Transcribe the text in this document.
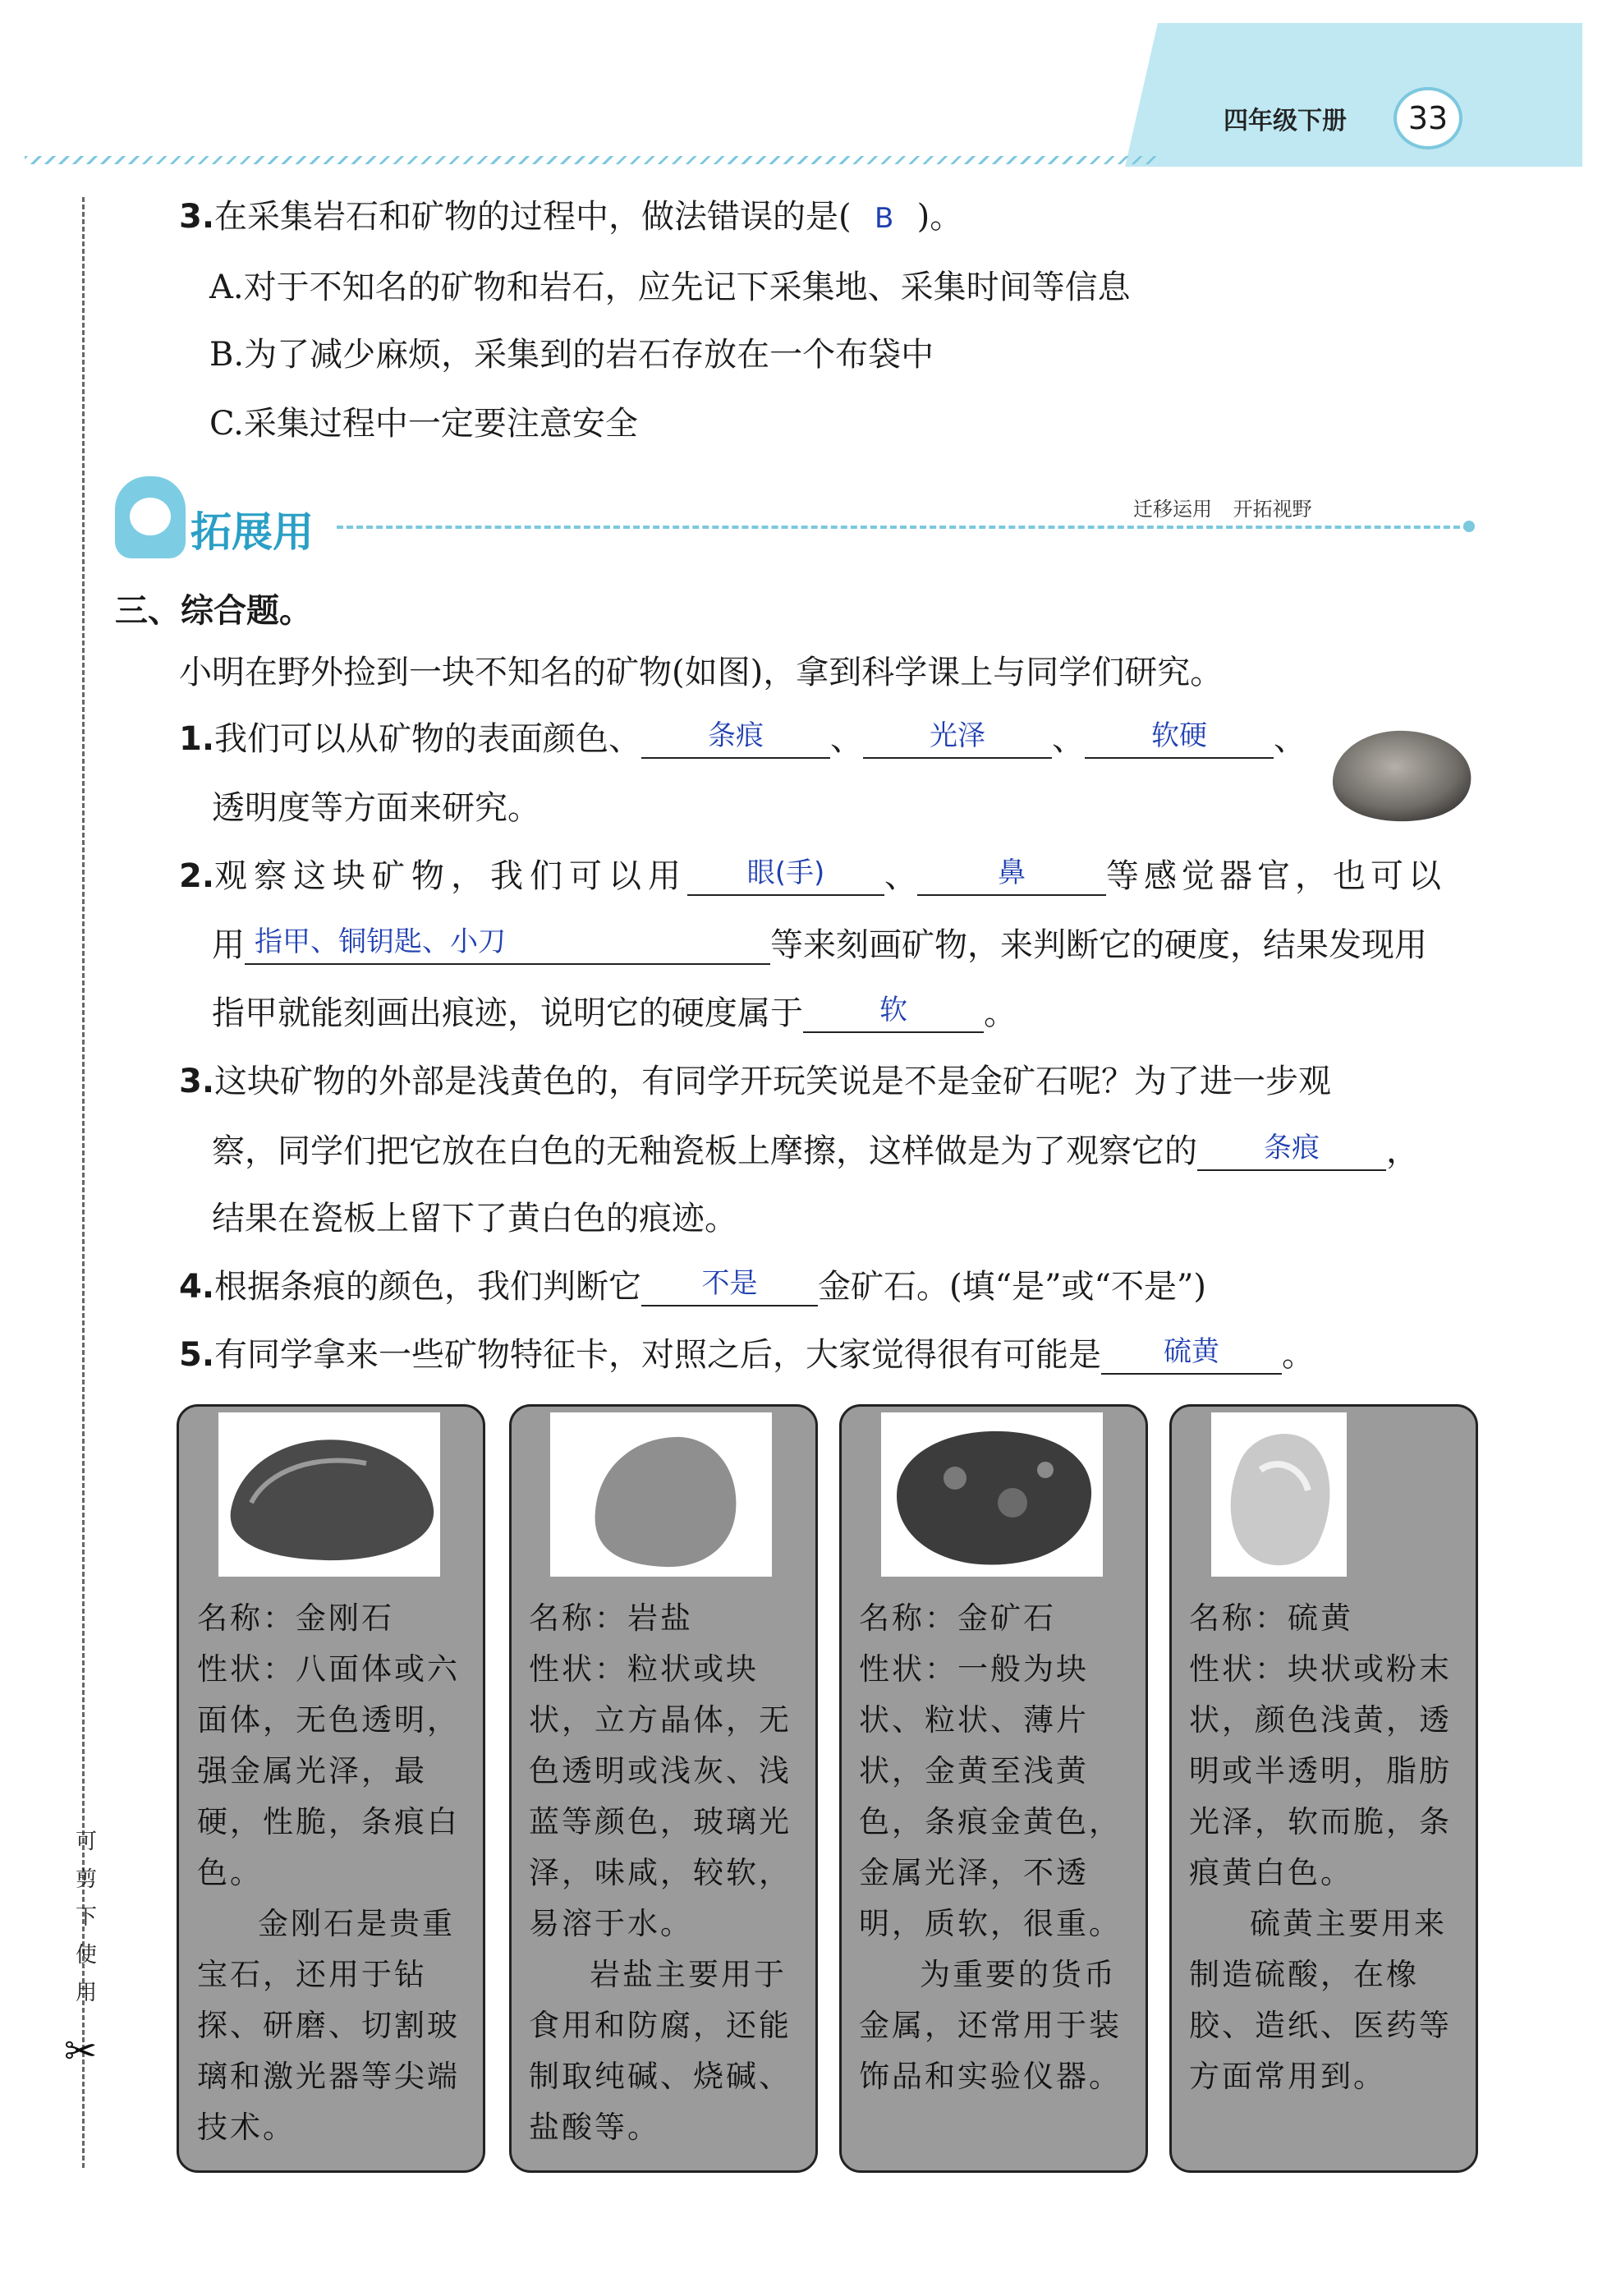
四年级下册	33
可剪下使用
✂
3.在采集岩石和矿物的过程中，做法错误的是( B )。
A.对于不知名的矿物和岩石，应先记下采集地、采集时间等信息
B.为了减少麻烦，采集到的岩石存放在一个布袋中
C.采集过程中一定要注意安全
拓展用	迁移运用 开拓视野
三、综合题。
小明在野外捡到一块不知名的矿物(如图)，拿到科学课上与同学们研究。
1.我们可以从矿物的表面颜色、	条痕	、	光泽	、	软硬	、
透明度等方面来研究。
2.观察这块矿物，我们可以用	眼(手)	、	鼻	等感觉器官，也可以
用 指甲、铜钥匙、小刀	等来刻画矿物，来判断它的硬度，结果发现用
指甲就能刻画出痕迹，说明它的硬度属于	软	。
3.这块矿物的外部是浅黄色的，有同学开玩笑说是不是金矿石呢？为了进一步观
察，同学们把它放在白色的无釉瓷板上摩擦，这样做是为了观察它的	条痕	，
结果在瓷板上留下了黄白色的痕迹。
4.根据条痕的颜色，我们判断它	不是	金矿石。(填“是”或“不是”)
5.有同学拿来一些矿物特征卡，对照之后，大家觉得很有可能是	硫黄	。

名称：金刚石

性状：八面体或六面体，无色透明，强金属光泽，最硬，性脆，条痕白色。

金刚石是贵重宝石，还用于钻探、研磨、切割玻璃和激光器等尖端技术。

名称：岩盐

性状：粒状或块状，立方晶体，无色透明或浅灰、浅蓝等颜色，玻璃光泽，味咸，较软，易溶于水。

岩盐主要用于食用和防腐，还能制取纯碱、烧碱、盐酸等。

名称：金矿石

性状：一般为块状、粒状、薄片状，金黄至浅黄色，条痕金黄色，金属光泽，不透明，质软，很重。

为重要的货币金属，还常用于装饰品和实验仪器。

名称：硫黄

性状：块状或粉末状，颜色浅黄，透明或半透明，脂肪光泽，软而脆，条痕黄白色。

硫黄主要用来制造硫酸，在橡胶、造纸、医药等方面常用到。
